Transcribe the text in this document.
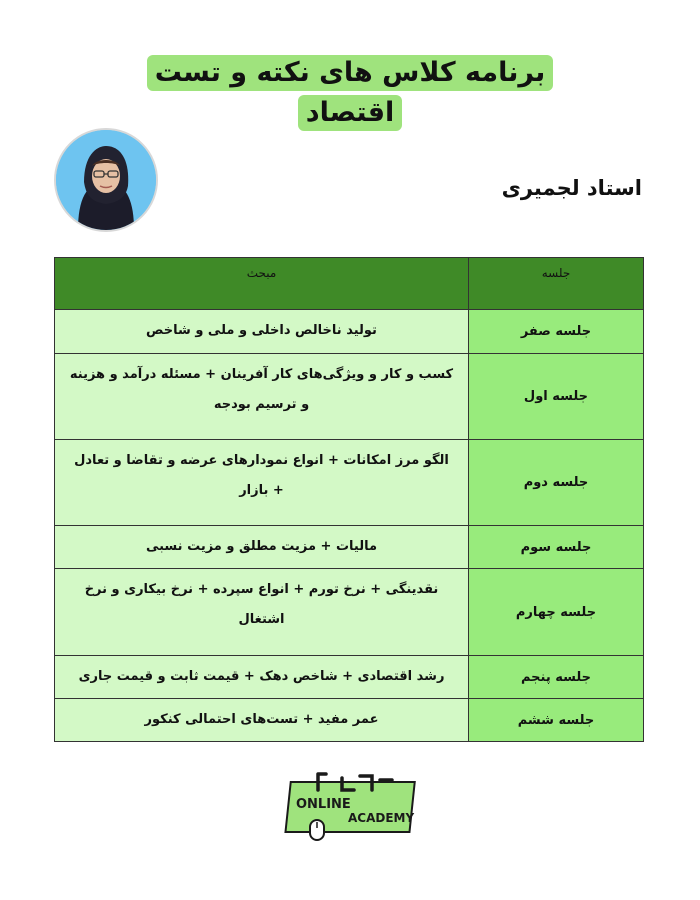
برنامه کلاس های نکته و تست
اقتصاد
استاد لجمیری
جلسه	مبحث
جلسه صفر	تولید ناخالص داخلی و ملی و شاخص
جلسه اول	کسب و کار و ویژگی‌های کار آفرینان + مسئله درآمد و هزینه و ترسیم بودجه
جلسه دوم	الگو مرز امکانات + انواع نمودارهای عرضه و تقاضا و تعادل + بازار
جلسه سوم	مالیات + مزیت مطلق و مزیت نسبی
جلسه چهارم	نقدینگی + نرخ تورم + انواع سپرده + نرخ بیکاری و نرخ اشتغال
جلسه پنجم	رشد اقتصادی + شاخص دهک + قیمت ثابت و قیمت جاری
جلسه ششم	عمر مفید + تست‌های احتمالی کنکور
ONLINE
ACADEMY
